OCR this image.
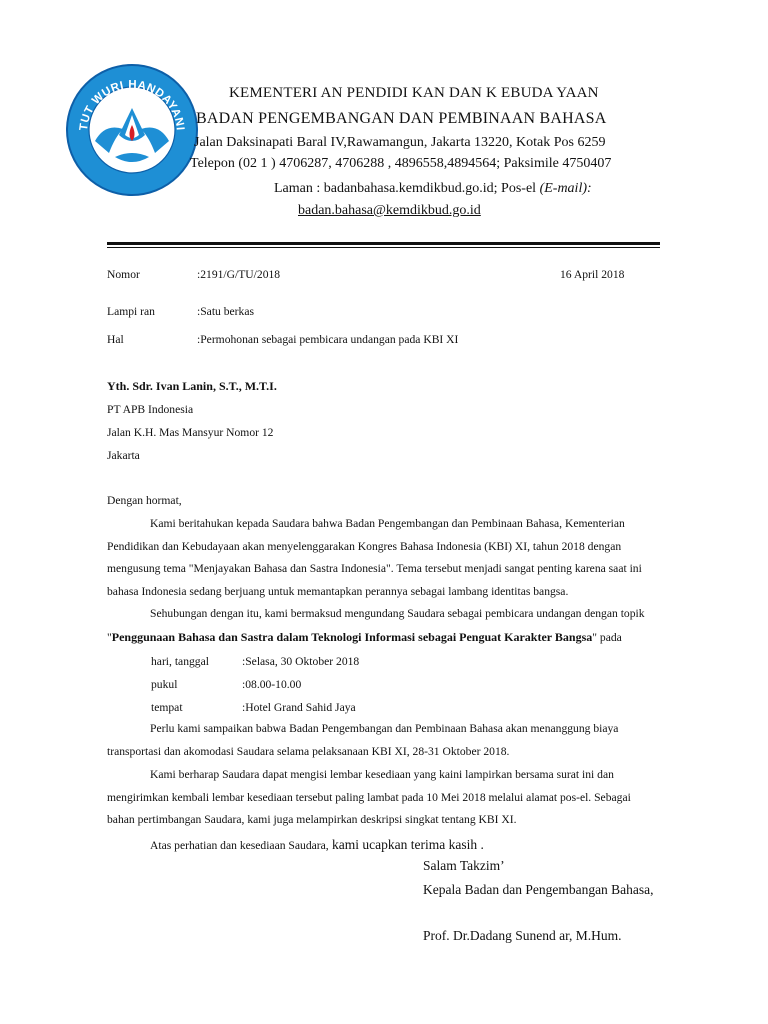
TUT WURI HANDAYANI
KEMENTERI AN PENDIDI KAN DAN K EBUDA YAAN
BADAN PENGEMBANGAN DAN PEMBINAAN BAHASA
Jalan Daksinapati Baral IV,Rawamangun, Jakarta 13220, Kotak Pos 6259
Telepon (02 1 ) 4706287, 4706288 , 4896558,4894564; Paksimile 4750407
Laman : badanbahasa.kemdikbud.go.id; Pos-el (E-mail):
badan.bahasa@kemdikbud.go.id
Nomor	:2191/G/TU/2018	16 April 2018
Lampi ran	:Satu berkas
Hal	:Permohonan sebagai pembicara undangan pada KBI XI
Yth. Sdr. Ivan Lanin, S.T., M.T.I.
PT APB Indonesia
Jalan K.H. Mas Mansyur Nomor 12
Jakarta
Dengan hormat,
Kami beritahukan kepada Saudara bahwa Badan Pengembangan dan Pembinaan Bahasa, Kementerian
Pendidikan dan Kebudayaan akan menyelenggarakan Kongres Bahasa Indonesia (KBI) XI, tahun 2018 dengan
mengusung tema "Menjayakan Bahasa dan Sastra Indonesia". Tema tersebut menjadi sangat penting karena saat ini
bahasa Indonesia sedang berjuang untuk memantapkan perannya sebagai lambang identitas bangsa.
Sehubungan dengan itu, kami bermaksud mengundang Saudara sebagai pembicara undangan dengan topik
"Penggunaan Bahasa dan Sastra dalam Teknologi Informasi sebagai Penguat Karakter Bangsa" pada
hari, tanggal	:Selasa, 30 Oktober 2018
pukul	:08.00-10.00
tempat	:Hotel Grand Sahid Jaya
Perlu kami sampaikan babwa Badan Pengembangan dan Pembinaan Bahasa akan menanggung biaya
transportasi dan akomodasi Saudara selama pelaksanaan KBI XI, 28-31 Oktober 2018.
Kami berharap Saudara dapat mengisi lembar kesediaan yang kaini lampirkan bersama surat ini dan
mengirimkan kembali lembar kesediaan tersebut paling lambat pada 10 Mei 2018 melalui alamat pos-el. Sebagai
bahan pertimbangan Saudara, kami juga melampirkan deskripsi singkat tentang KBI XI.
Atas perhatian dan kesediaan Saudara, kami ucapkan terima kasih .
Salam Takzim’
Kepala Badan dan Pengembangan Bahasa,
Prof. Dr.Dadang Sunend ar, M.Hum.
